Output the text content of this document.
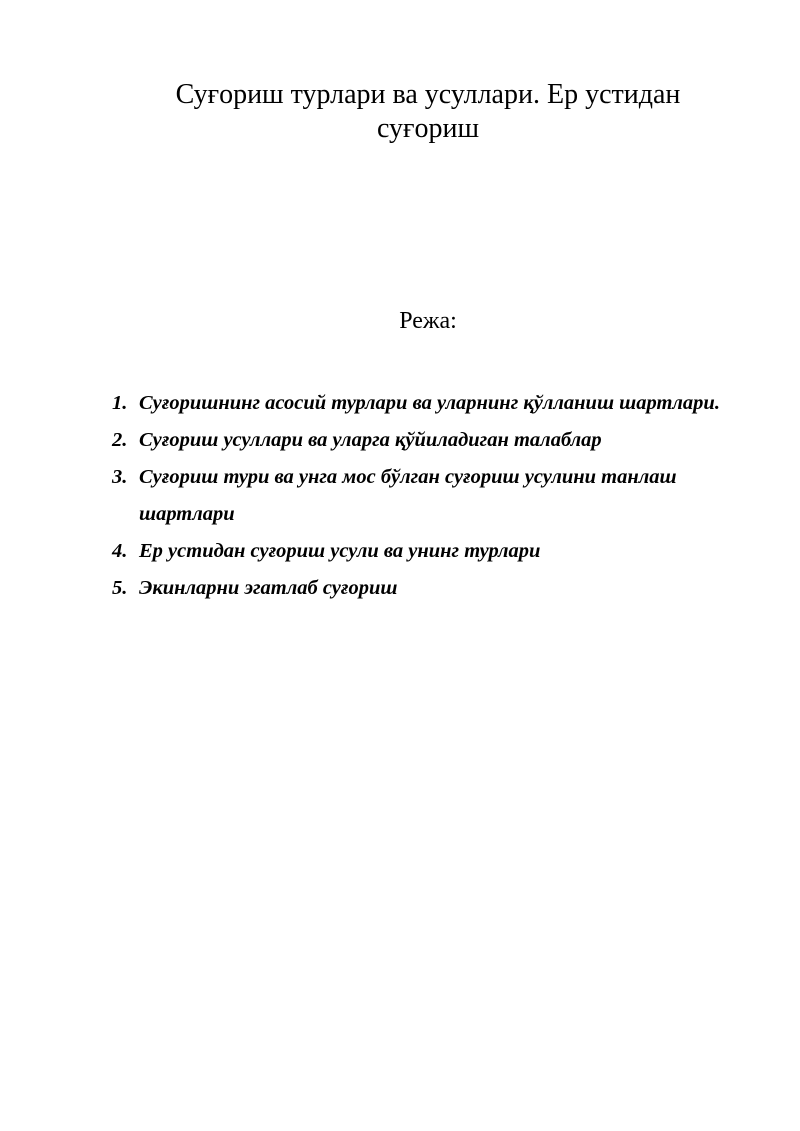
Суғориш турлари ва усуллари. Ер устидан суғориш
Режа:
1. Суғоришнинг асосий турлари ва уларнинг қўлланиш шартлари.
2. Суғориш усуллари ва уларга қўйиладиган талаблар
3. Суғориш тури ва унга мос бўлган суғориш усулини танлаш шартлари
4. Ер устидан суғориш усули ва унинг турлари
5. Экинларни эгатлаб суғориш
